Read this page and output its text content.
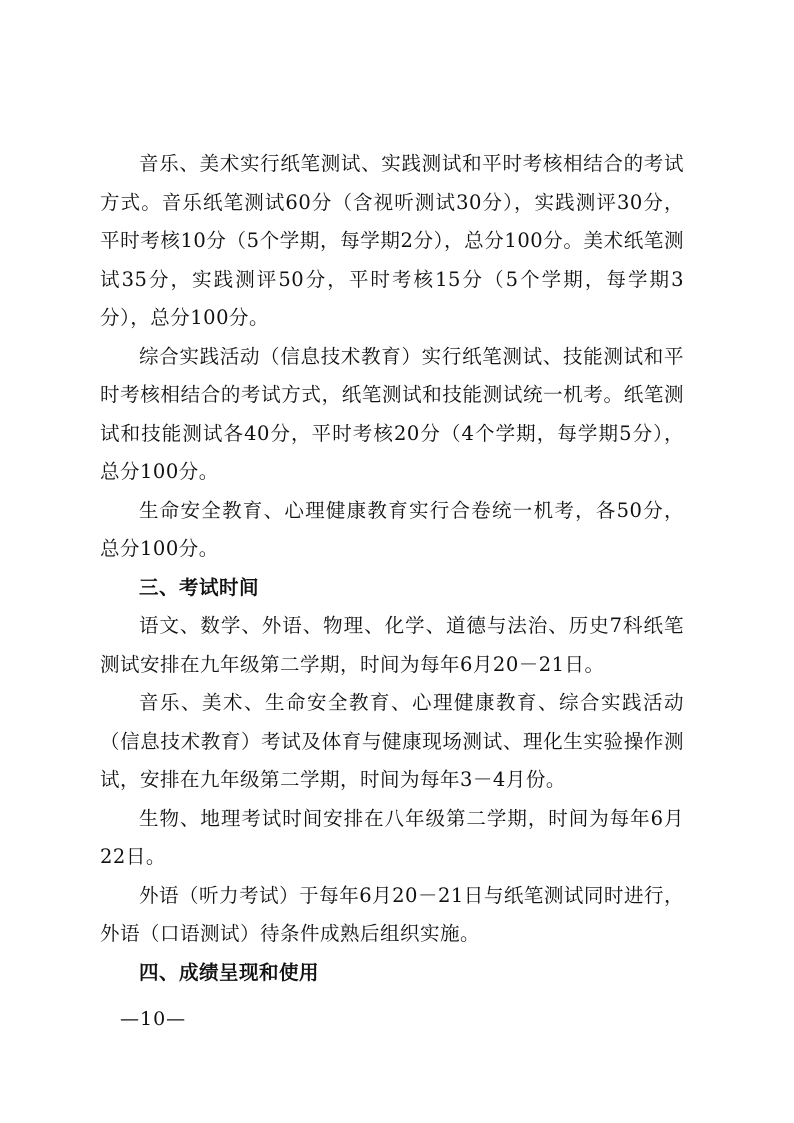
音乐、美术实行纸笔测试、实践测试和平时考核相结合的考试方式。音乐纸笔测试60分（含视听测试30分），实践测评30分，平时考核10分（5个学期，每学期2分），总分100分。美术纸笔测试35分，实践测评50分，平时考核15分（5个学期，每学期3分），总分100分。

综合实践活动（信息技术教育）实行纸笔测试、技能测试和平时考核相结合的考试方式，纸笔测试和技能测试统一机考。纸笔测试和技能测试各40分，平时考核20分（4个学期，每学期5分），总分100分。

生命安全教育、心理健康教育实行合卷统一机考，各50分，总分100分。

三、考试时间

语文、数学、外语、物理、化学、道德与法治、历史7科纸笔测试安排在九年级第二学期，时间为每年6月20－21日。

音乐、美术、生命安全教育、心理健康教育、综合实践活动（信息技术教育）考试及体育与健康现场测试、理化生实验操作测试，安排在九年级第二学期，时间为每年3－4月份。

生物、地理考试时间安排在八年级第二学期，时间为每年6月22日。

外语（听力考试）于每年6月20－21日与纸笔测试同时进行，外语（口语测试）待条件成熟后组织实施。

四、成绩呈现和使用

—10—
